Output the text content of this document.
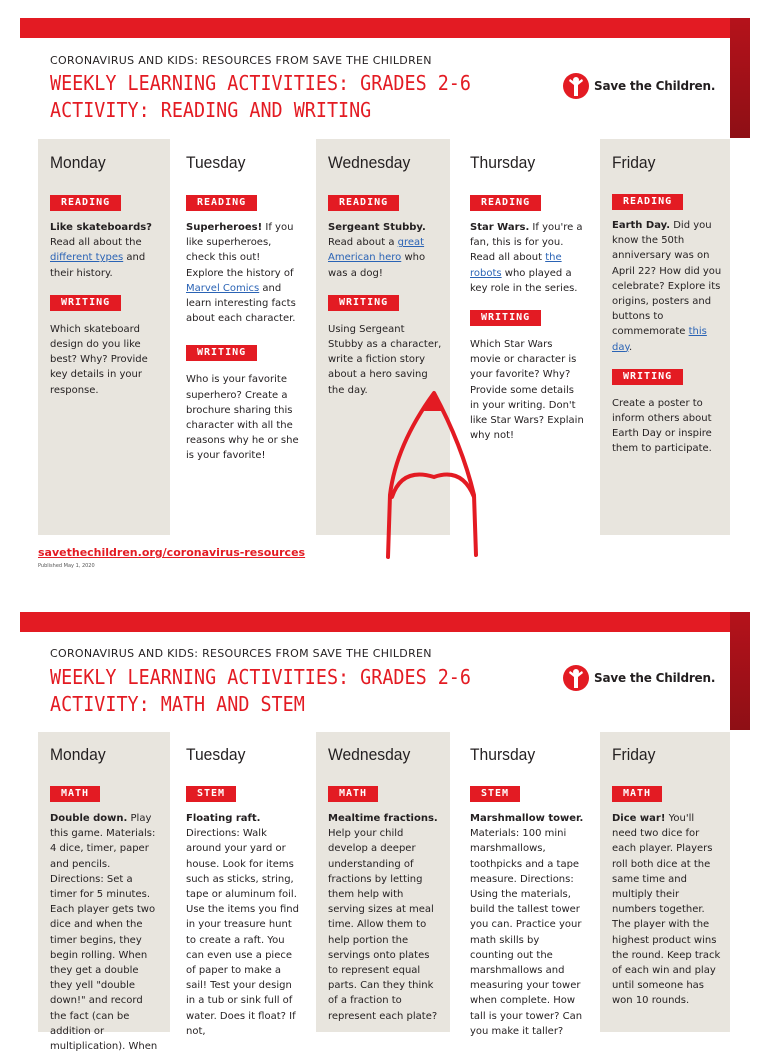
CORONAVIRUS AND KIDS: RESOURCES FROM SAVE THE CHILDREN
WEEKLY LEARNING ACTIVITIES: GRADES 2-6
ACTIVITY: READING AND WRITING
Save the Children.
Monday
READING
Like skateboards? Read all about the different types and their history.
WRITING
Which skateboard design do you like best? Why? Provide key details in your response.
Tuesday
READING
Superheroes! If you like superheroes, check this out! Explore the history of Marvel Comics and learn interesting facts about each character.
WRITING
Who is your favorite superhero? Create a brochure sharing this character with all the reasons why he or she is your favorite!
Wednesday
READING
Sergeant Stubby. Read about a great American hero who was a dog!
WRITING
Using Sergeant Stubby as a character, write a fiction story about a hero saving the day.
Thursday
READING
Star Wars. If you're a fan, this is for you. Read all about the robots who played a key role in the series.
WRITING
Which Star Wars movie or character is your favorite? Why? Provide some details in your writing. Don't like Star Wars? Explain why not!
Friday
READING
Earth Day. Did you know the 50th anniversary was on April 22? How did you celebrate? Explore its origins, posters and buttons to commemorate this day.
WRITING
Create a poster to inform others about Earth Day or inspire them to participate.
savethechildren.org/coronavirus-resources
Published May 1, 2020
CORONAVIRUS AND KIDS: RESOURCES FROM SAVE THE CHILDREN
WEEKLY LEARNING ACTIVITIES: GRADES 2-6
ACTIVITY: MATH AND STEM
Save the Children.
Monday
MATH
Double down. Play this game. Materials: 4 dice, timer, paper and pencils. Directions: Set a timer for 5 minutes. Each player gets two dice and when the timer begins, they begin rolling. When they get a double they yell "double down!" and record the fact (can be addition or multiplication). When
Tuesday
STEM
Floating raft. Directions: Walk around your yard or house. Look for items such as sticks, string, tape or aluminum foil. Use the items you find in your treasure hunt to create a raft. You can even use a piece of paper to make a sail! Test your design in a tub or sink full of water. Does it float? If not,
Wednesday
MATH
Mealtime fractions. Help your child develop a deeper understanding of fractions by letting them help with serving sizes at meal time. Allow them to help portion the servings onto plates to represent equal parts. Can they think of a fraction to represent each plate?
Thursday
STEM
Marshmallow tower. Materials: 100 mini marshmallows, toothpicks and a tape measure. Directions: Using the materials, build the tallest tower you can. Practice your math skills by counting out the marshmallows and measuring your tower when complete. How tall is your tower? Can you make it taller?
Friday
MATH
Dice war! You'll need two dice for each player. Players roll both dice at the same time and multiply their numbers together. The player with the highest product wins the round. Keep track of each win and play until someone has won 10 rounds.
